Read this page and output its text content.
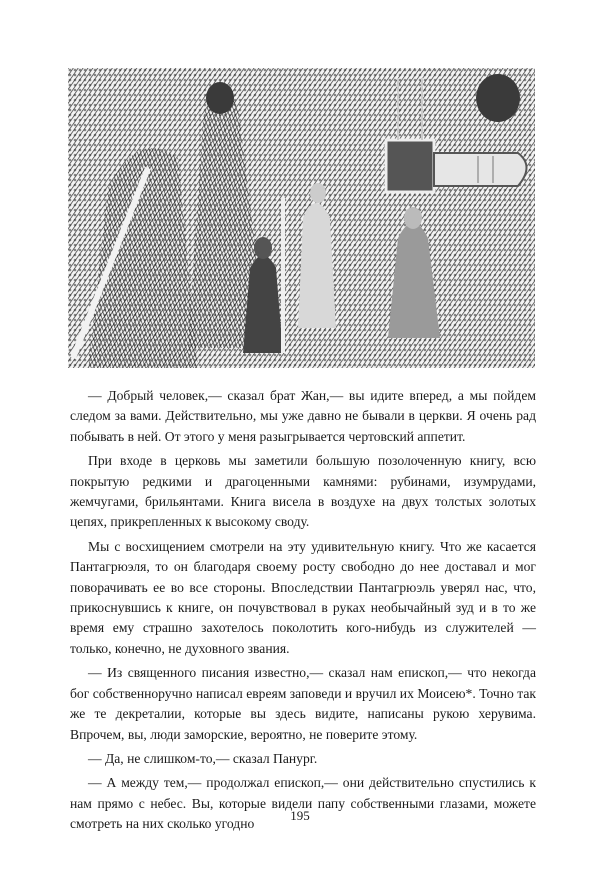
— Добрый человек,— сказал брат Жан,— вы идите вперед, а мы пойдем следом за вами. Действительно, мы уже давно не бывали в церкви. Я очень рад побывать в ней. От этого у меня разыгрывается чертовский аппетит.

При входе в церковь мы заметили большую позолоченную книгу, всю покрытую редкими и драгоценными камнями: рубинами, изумрудами, жемчугами, брильянтами. Книга висела в воздухе на двух толстых золотых цепях, прикрепленных к высокому своду.

Мы с восхищением смотрели на эту удивительную книгу. Что же касается Пантагрюэля, то он благодаря своему росту свободно до нее доставал и мог поворачивать ее во все стороны. Впоследствии Пантагрюэль уверял нас, что, прикоснувшись к книге, он почувствовал в руках необычайный зуд и в то же время ему страшно захотелось поколотить кого-нибудь из служителей — только, конечно, не духовного звания.

— Из священного писания известно,— сказал нам епископ,— что некогда бог собственноручно написал евреям заповеди и вручил их Моисею*. Точно так же те декреталии, которые вы здесь видите, написаны рукою херувима. Впрочем, вы, люди заморские, вероятно, не поверите этому.

— Да, не слишком-то,— сказал Панург.

— А между тем,— продолжал епископ,— они действительно спустились к нам прямо с небес. Вы, которые видели папу собственными глазами, можете смотреть на них сколько угодно

195
